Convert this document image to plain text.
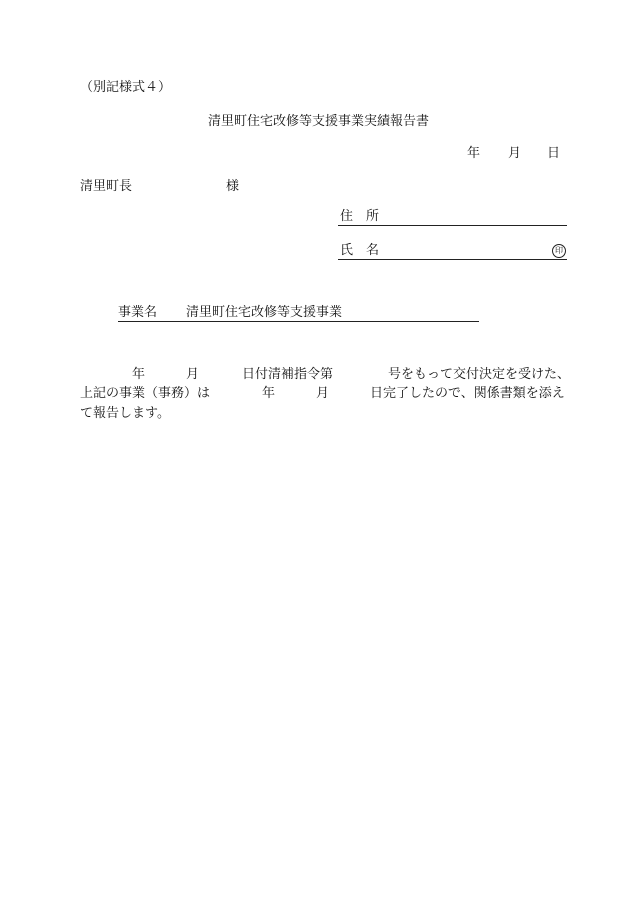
（別記様式４）
清里町住宅改修等支援事業実績報告書
年 月 日
清里町長	様
住　所
氏　名	印
事業名 清里町住宅改修等支援事業
年	月	日付清補指令第	号をもって交付決定を受けた、
上記の事業（事務）は	年	月	日完了したので、関係書類を添え
て報告します。
